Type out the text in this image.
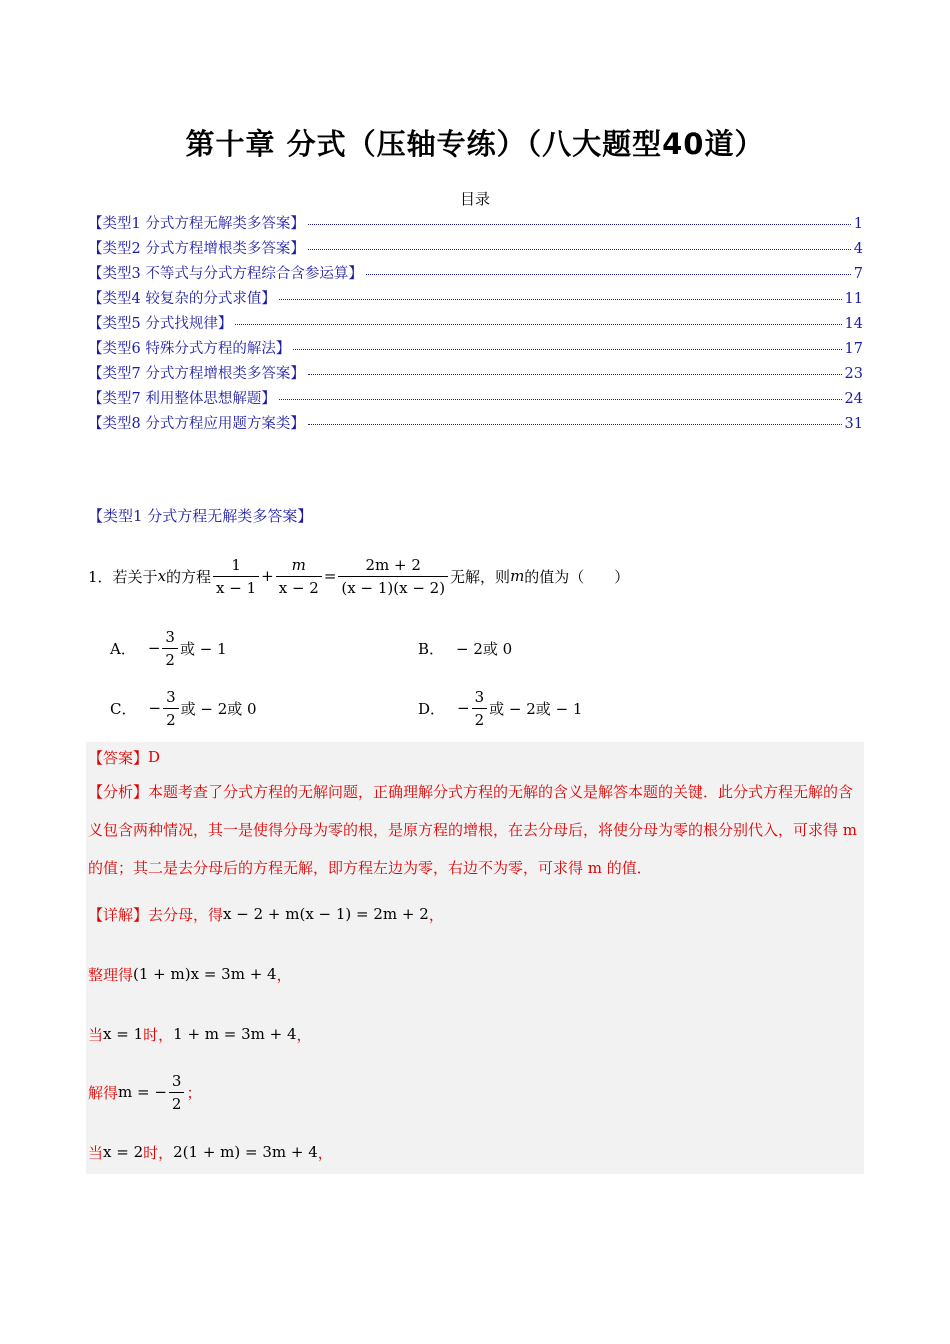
第十章 分式（压轴专练）（八大题型40道）
目录
【类型1 分式方程无解类多答案】	1
【类型2 分式方程增根类多答案】	4
【类型3 不等式与分式方程综合含参运算】	7
【类型4 较复杂的分式求值】	11
【类型5 分式找规律】	14
【类型6 特殊分式方程的解法】	17
【类型7 分式方程增根类多答案】	23
【类型7 利用整体思想解题】	24
【类型8 分式方程应用题方案类】	31
【类型1 分式方程无解类多答案】
1． 若关于 x 的方程 $\frac{1}{x - 1} + \frac{m}{x - 2} = \frac{2m + 2}{(x - 1)(x - 2)}$ 无解，则 m 的值为（　　）
A． − $\frac{3}{2}$ 或 − 1	B． − 2或 0
C． − $\frac{3}{2}$ 或 − 2或 0	D． − $\frac{3}{2}$ 或 − 2或 − 1
【答案】 D
【分析】本题考查了分式方程的无解问题，正确理解分式方程的无解的含义是解答本题的关键．此分式方程无解的含义包含两种情况，其一是使得分母为零的根，是原方程的增根，在去分母后，将使分母为零的根分别代入，可求得 m 的值；其二是去分母后的方程无解，即方程左边为零，右边不为零，可求得 m 的值．
【详解】 去分母，得 x − 2 + m(x − 1) = 2m + 2 ，
整理得 (1 + m)x = 3m + 4 ，
当 x = 1 时， 1 + m = 3m + 4 ，
解得 m = − $\frac{3}{2}$ ；
当 x = 2 时， 2(1 + m) = 3m + 4 ，
